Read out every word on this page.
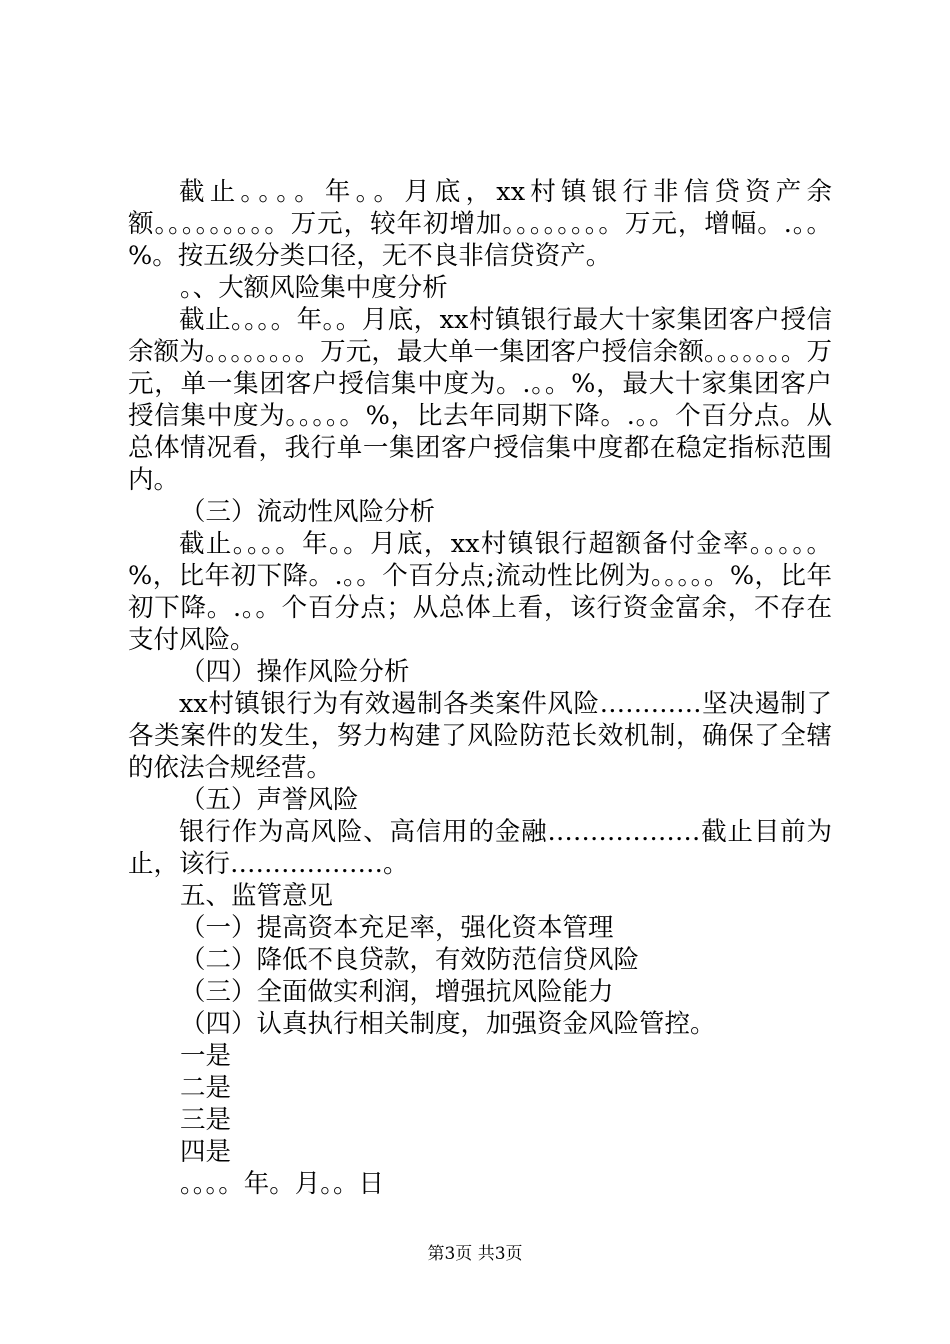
截止。。。。年。。月底，xx村镇银行非信贷资产余额。。。。。。。。。万元，较年初增加。。。。。。。。万元，增幅。.。。%。按五级分类口径，无不良非信贷资产。

。、大额风险集中度分析

截止。。。。年。。月底，xx村镇银行最大十家集团客户授信余额为。。。。。。。。万元，最大单一集团客户授信余额。。。。。。。万元，单一集团客户授信集中度为。.。。%，最大十家集团客户授信集中度为。。。。。%，比去年同期下降。.。。个百分点。从总体情况看，我行单一集团客户授信集中度都在稳定指标范围内。

（三）流动性风险分析

截止。。。。年。。月底，xx村镇银行超额备付金率。。。。。%，比年初下降。.。。个百分点;流动性比例为。。。。。%，比年初下降。.。。个百分点；从总体上看，该行资金富余，不存在支付风险。

（四）操作风险分析

xx村镇银行为有效遏制各类案件风险…………坚决遏制了各类案件的发生，努力构建了风险防范长效机制，确保了全辖的依法合规经营。

（五）声誉风险

银行作为高风险、高信用的金融………………截止目前为止，该行………………。

五、监管意见

（一）提高资本充足率，强化资本管理

（二）降低不良贷款，有效防范信贷风险

（三）全面做实利润，增强抗风险能力

（四）认真执行相关制度，加强资金风险管控。

一是

二是

三是

四是

。。。。年。月。。日

第3页 共3页
